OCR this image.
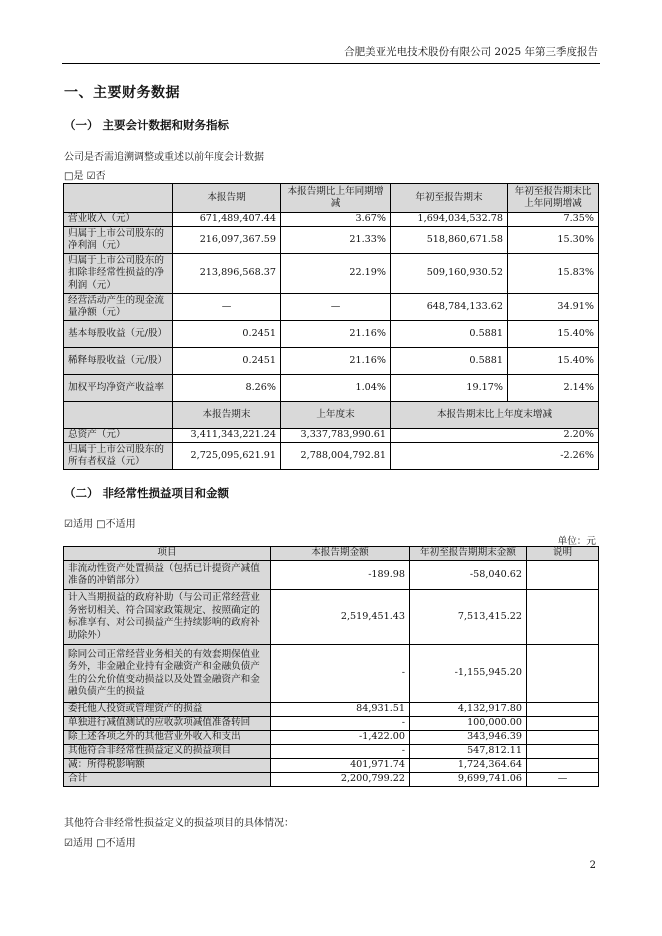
合肥美亚光电技术股份有限公司 2025 年第三季度报告
一、主要财务数据
（一） 主要会计数据和财务指标
公司是否需追溯调整或重述以前年度会计数据
□是 ☑否
	本报告期	本报告期比上年同期增减	年初至报告期末	年初至报告期末比上年同期增减
营业收入（元）	671,489,407.44	3.67%	1,694,034,532.78	7.35%
归属于上市公司股东的净利润（元）	216,097,367.59	21.33%	518,860,671.58	15.30%
归属于上市公司股东的扣除非经常性损益的净利润（元）	213,896,568.37	22.19%	509,160,930.52	15.83%
经营活动产生的现金流量净额（元）	—	—	648,784,133.62	34.91%
基本每股收益（元/股）	0.2451	21.16%	0.5881	15.40%
稀释每股收益（元/股）	0.2451	21.16%	0.5881	15.40%
加权平均净资产收益率	8.26%	1.04%	19.17%	2.14%
	本报告期末	上年度末	本报告期末比上年度末增减	
总资产（元）	3,411,343,221.24	3,337,783,990.61	2.20%	
归属于上市公司股东的所有者权益（元）	2,725,095,621.91	2,788,004,792.81	-2.26%	
（二） 非经常性损益项目和金额
☑适用 □不适用
单位：元
项目	本报告期金额	年初至报告期期末金额	说明
非流动性资产处置损益（包括已计提资产减值准备的冲销部分）	-189.98	-58,040.62	
计入当期损益的政府补助（与公司正常经营业务密切相关、符合国家政策规定、按照确定的标准享有、对公司损益产生持续影响的政府补助除外）	2,519,451.43	7,513,415.22	
除同公司正常经营业务相关的有效套期保值业务外，非金融企业持有金融资产和金融负债产生的公允价值变动损益以及处置金融资产和金融负债产生的损益	-	-1,155,945.20	
委托他人投资或管理资产的损益	84,931.51	4,132,917.80	
单独进行减值测试的应收款项减值准备转回	-	100,000.00	
除上述各项之外的其他营业外收入和支出	-1,422.00	343,946.39	
其他符合非经常性损益定义的损益项目	-	547,812.11	
减：所得税影响额	401,971.74	1,724,364.64	
合计	2,200,799.22	9,699,741.06	—
其他符合非经常性损益定义的损益项目的具体情况：
☑适用 □不适用
2
